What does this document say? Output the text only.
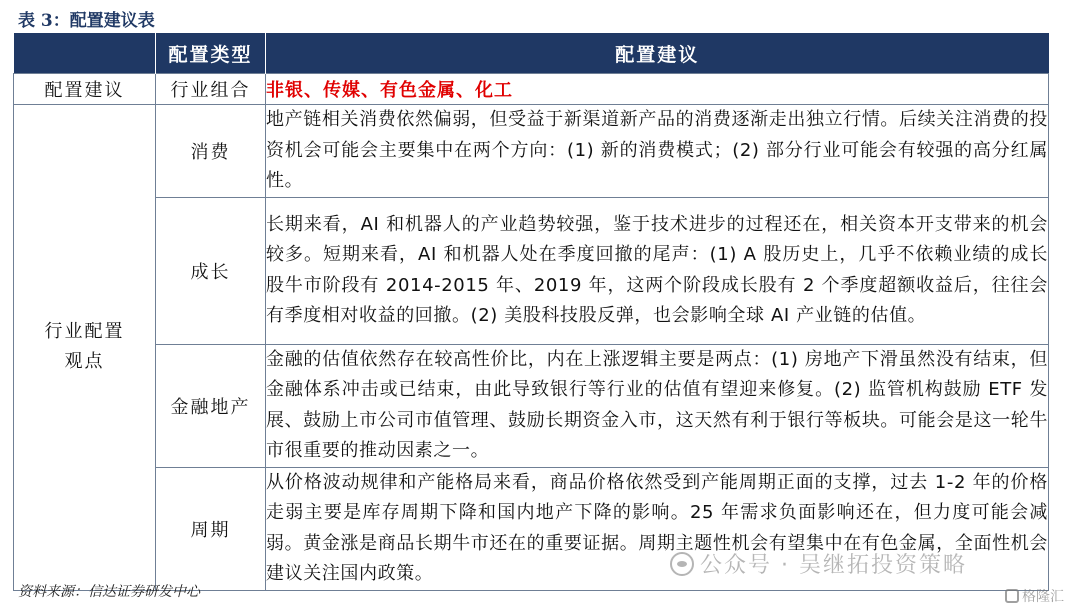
表 3：配置建议表
	配置类型	配置建议
配置建议	行业组合	非银、传媒、有色金属、化工
行业配置观点	消费	地产链相关消费依然偏弱，但受益于新渠道新产品的消费逐渐走出独立行情。后续关注消费的投资机会可能会主要集中在两个方向：(1) 新的消费模式；(2) 部分行业可能会有较强的高分红属性。
	成长	长期来看，AI 和机器人的产业趋势较强，鉴于技术进步的过程还在，相关资本开支带来的机会较多。短期来看，AI 和机器人处在季度回撤的尾声：(1) A 股历史上，几乎不依赖业绩的成长股牛市阶段有 2014-2015 年、2019 年，这两个阶段成长股有 2 个季度超额收益后，往往会有季度相对收益的回撤。(2) 美股科技股反弹，也会影响全球 AI 产业链的估值。
	金融地产	金融的估值依然存在较高性价比，内在上涨逻辑主要是两点：(1) 房地产下滑虽然没有结束，但金融体系冲击或已结束，由此导致银行等行业的估值有望迎来修复。(2) 监管机构鼓励 ETF 发展、鼓励上市公司市值管理、鼓励长期资金入市，这天然有利于银行等板块。可能会是这一轮牛市很重要的推动因素之一。
	周期	从价格波动规律和产能格局来看，商品价格依然受到产能周期正面的支撑，过去 1-2 年的价格走弱主要是库存周期下降和国内地产下降的影响。25 年需求负面影响还在，但力度可能会减弱。黄金涨是商品长期牛市还在的重要证据。周期主题性机会有望集中在有色金属，全面性机会建议关注国内政策。
资料来源：信达证券研发中心
公众号 · 吴继拓投资策略
格隆汇
